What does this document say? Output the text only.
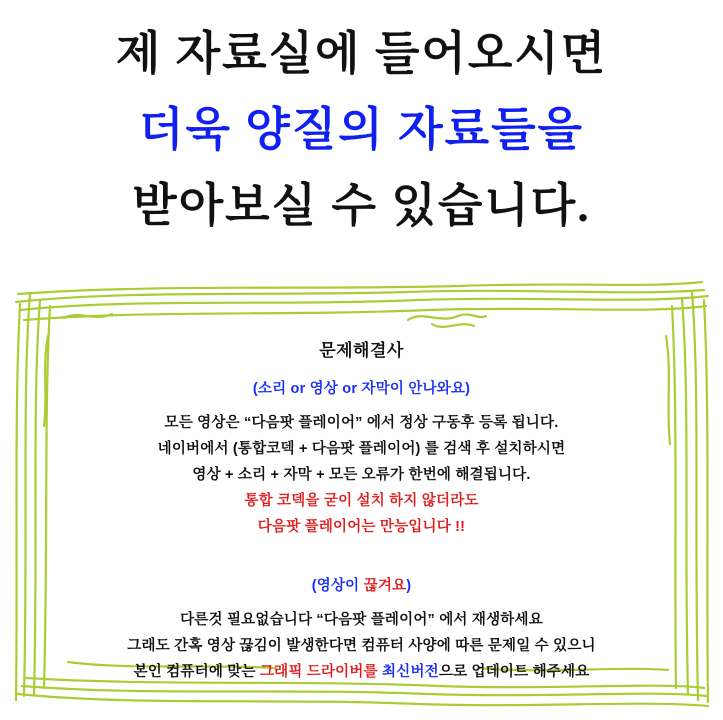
제 자료실에 들어오시면
더욱 양질의 자료들을
받아보실 수 있습니다.
문제해결사
(소리 or 영상 or 자막이 안나와요)
모든 영상은 “다음팟 플레이어” 에서 정상 구동후 등록 됩니다.
네이버에서 (통합코덱 + 다음팟 플레이어) 를 검색 후 설치하시면
영상 + 소리 + 자막 + 모든 오류가 한번에 해결됩니다.
통합 코덱을 굳이 설치 하지 않더라도
다음팟 플레이어는 만능입니다 !!
(영상이 끊겨요)
다른것 필요없습니다 “다음팟 플레이어” 에서 재생하세요
그래도 간혹 영상 끊김이 발생한다면 컴퓨터 사양에 따른 문제일 수 있으니
본인 컴퓨터에 맞는 그래픽 드라이버를 최신버전으로 업데이트 해주세요
